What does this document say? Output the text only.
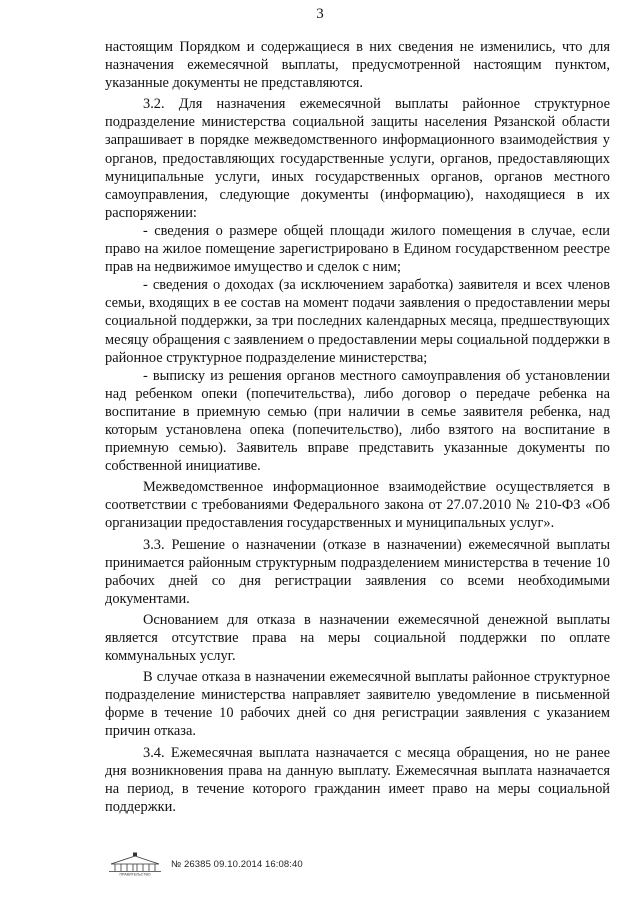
3

настоящим Порядком и содержащиеся в них сведения не изменились, что для назначения ежемесячной выплаты, предусмотренной настоящим пунктом, указанные документы не представляются.

3.2. Для назначения ежемесячной выплаты районное структурное подразделение министерства социальной защиты населения Рязанской области запрашивает в порядке межведомственного информационного взаимодействия у органов, предоставляющих государственные услуги, органов, предоставляющих муниципальные услуги, иных государственных органов, органов местного самоуправления, следующие документы (информацию), находящиеся в их распоряжении:

- сведения о размере общей площади жилого помещения в случае, если право на жилое помещение зарегистрировано в Едином государственном реестре прав на недвижимое имущество и сделок с ним;

- сведения о доходах (за исключением заработка) заявителя и всех членов семьи, входящих в ее состав на момент подачи заявления о предоставлении меры социальной поддержки, за три последних календарных месяца, предшествующих месяцу обращения с заявлением о предоставлении меры социальной поддержки в районное структурное подразделение министерства;

- выписку из решения органов местного самоуправления об установлении над ребенком опеки (попечительства), либо договор о передаче ребенка на воспитание в приемную семью (при наличии в семье заявителя ребенка, над которым установлена опека (попечительство), либо взятого на воспитание в приемную семью). Заявитель вправе представить указанные документы по собственной инициативе.

Межведомственное информационное взаимодействие осуществляется в соответствии с требованиями Федерального закона от 27.07.2010 № 210-ФЗ «Об организации предоставления государственных и муниципальных услуг».

3.3. Решение о назначении (отказе в назначении) ежемесячной выплаты принимается районным структурным подразделением министерства в течение 10 рабочих дней со дня регистрации заявления со всеми необходимыми документами.

Основанием для отказа в назначении ежемесячной денежной выплаты является отсутствие права на меры социальной поддержки по оплате коммунальных услуг.

В случае отказа в назначении ежемесячной выплаты районное структурное подразделение министерства направляет заявителю уведомление в письменной форме в течение 10 рабочих дней со дня регистрации заявления с указанием причин отказа.

3.4. Ежемесячная выплата назначается с месяца обращения, но не ранее дня возникновения права на данную выплату. Ежемесячная выплата назначается на период, в течение которого гражданин имеет право на меры социальной поддержки.

ПРАВИТЕЛЬСТВО
№ 26385 09.10.2014 16:08:40
